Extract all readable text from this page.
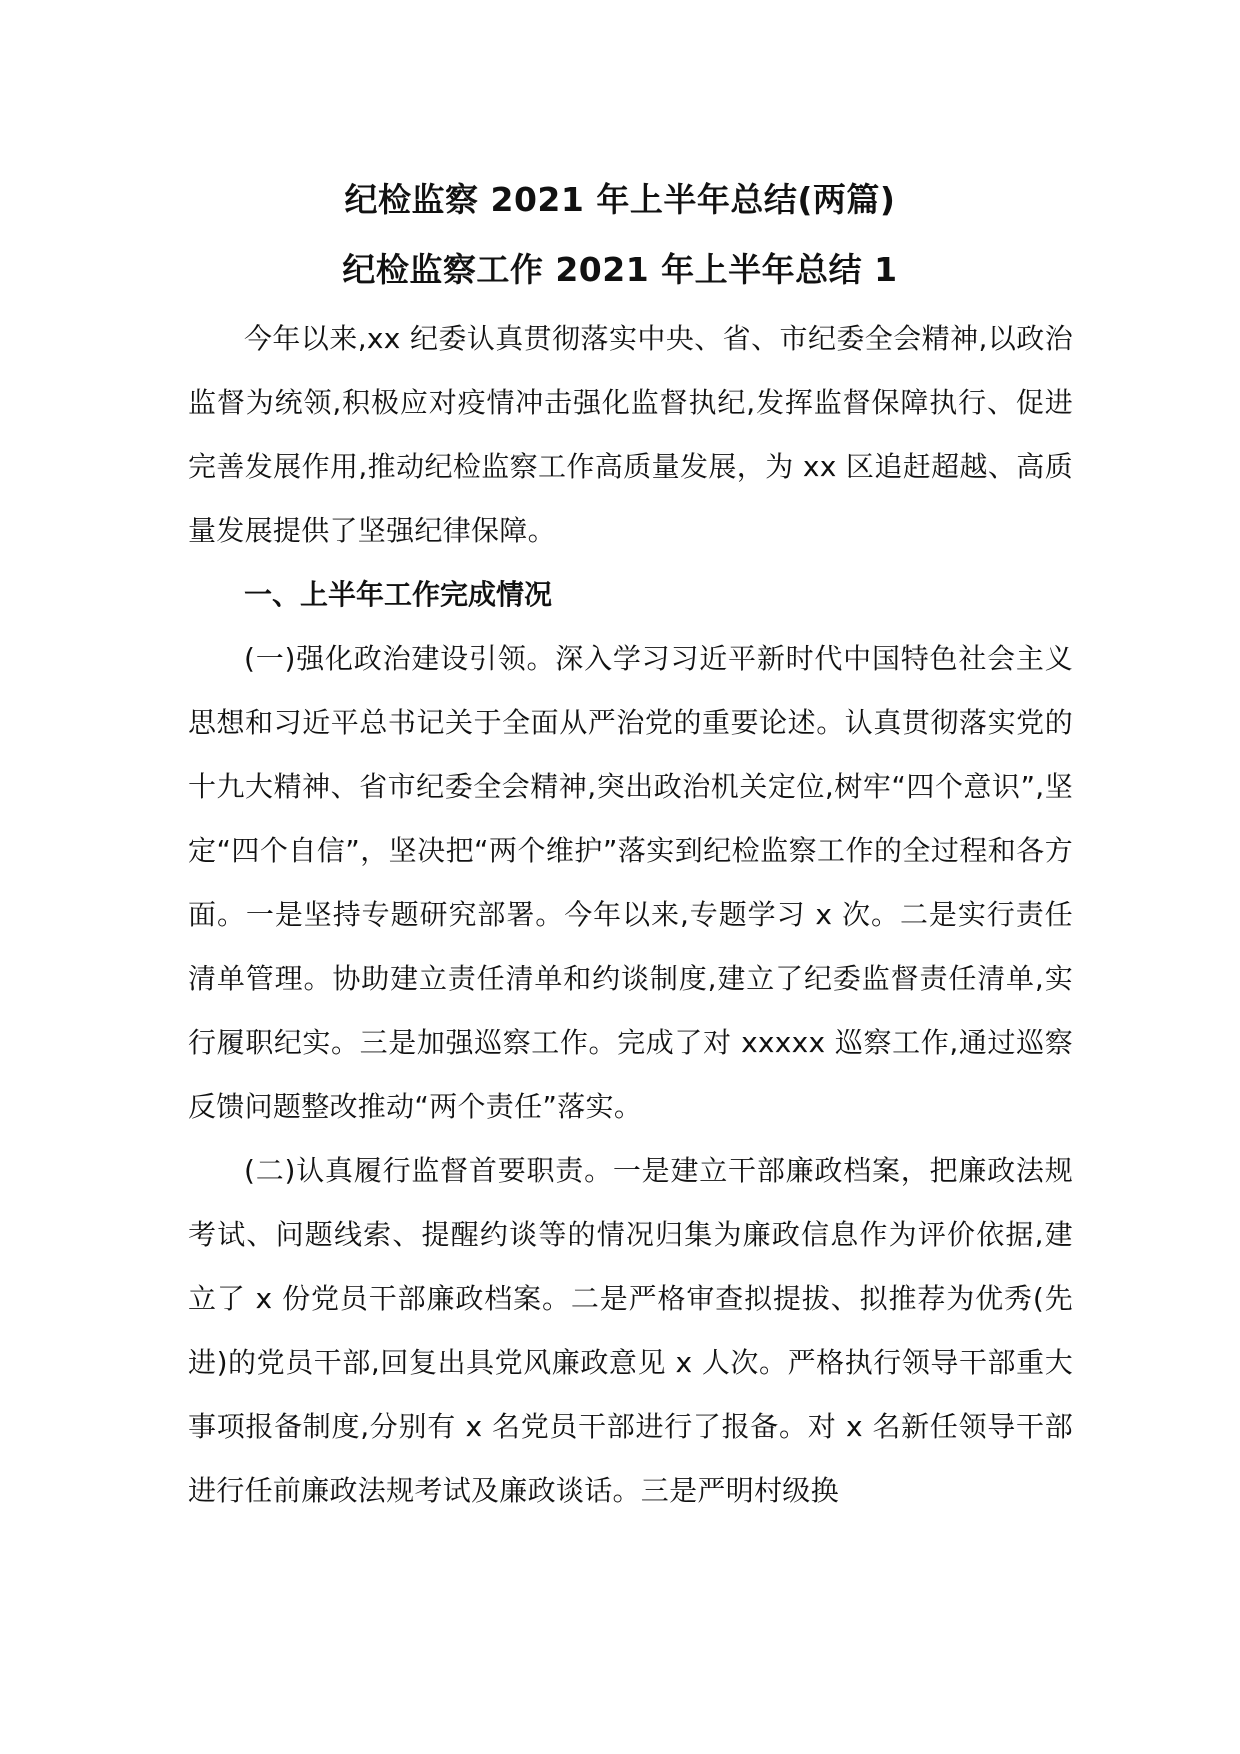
纪检监察 2021 年上半年总结(两篇)
纪检监察工作 2021 年上半年总结 1

今年以来,xx 纪委认真贯彻落实中央、省、市纪委全会精神,以政治监督为统领,积极应对疫情冲击强化监督执纪,发挥监督保障执行、促进完善发展作用,推动纪检监察工作高质量发展，为 xx 区追赶超越、高质量发展提供了坚强纪律保障。

一、上半年工作完成情况

(一)强化政治建设引领。深入学习习近平新时代中国特色社会主义思想和习近平总书记关于全面从严治党的重要论述。认真贯彻落实党的十九大精神、省市纪委全会精神,突出政治机关定位,树牢“四个意识”,坚定“四个自信”，坚决把“两个维护”落实到纪检监察工作的全过程和各方面。一是坚持专题研究部署。今年以来,专题学习 x 次。二是实行责任清单管理。协助建立责任清单和约谈制度,建立了纪委监督责任清单,实行履职纪实。三是加强巡察工作。完成了对 xxxxx 巡察工作,通过巡察反馈问题整改推动“两个责任”落实。

(二)认真履行监督首要职责。一是建立干部廉政档案，把廉政法规考试、问题线索、提醒约谈等的情况归集为廉政信息作为评价依据,建立了 x 份党员干部廉政档案。二是严格审查拟提拔、拟推荐为优秀(先进)的党员干部,回复出具党风廉政意见 x 人次。严格执行领导干部重大事项报备制度,分别有 x 名党员干部进行了报备。对 x 名新任领导干部进行任前廉政法规考试及廉政谈话。三是严明村级换
